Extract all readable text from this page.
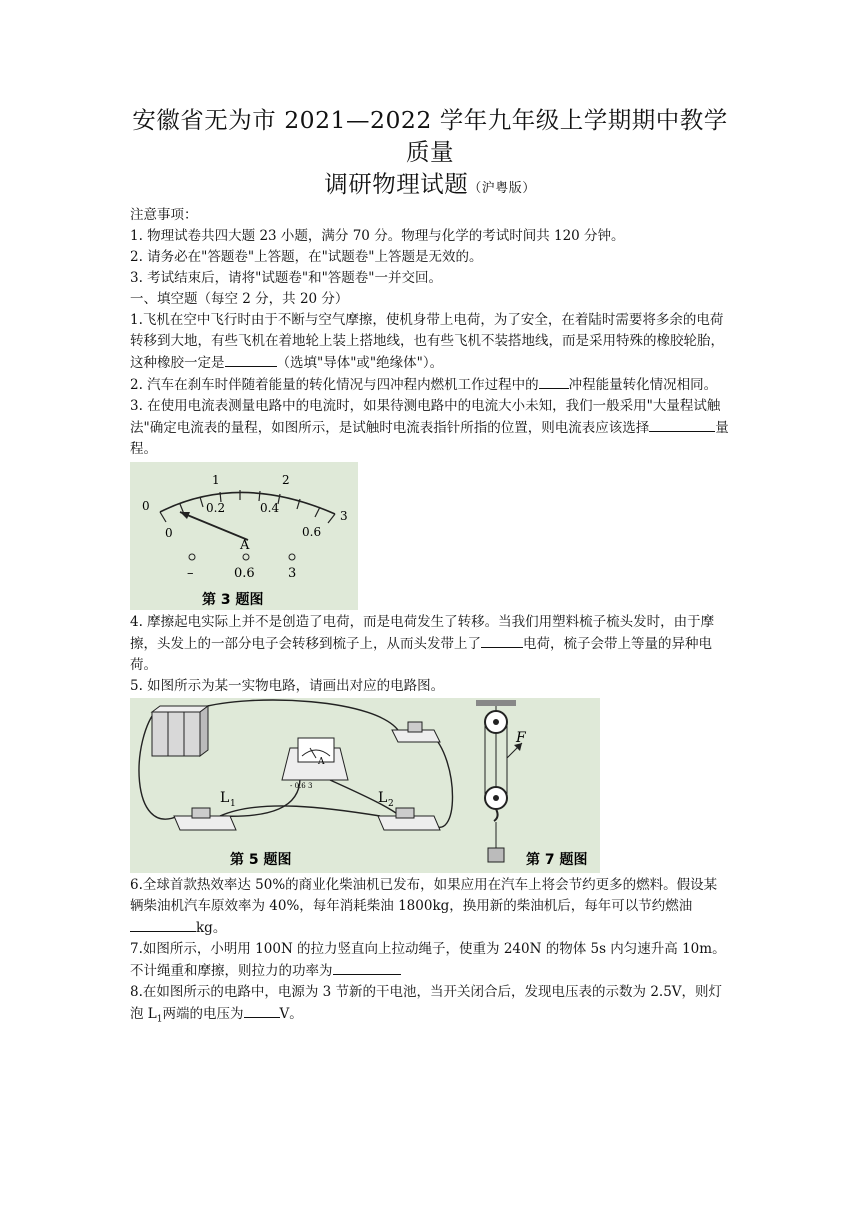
安徽省无为市 2021—2022 学年九年级上学期期中教学质量
调研物理试题（沪粤版）

注意事项：

1. 物理试卷共四大题 23 小题，满分 70 分。物理与化学的考试时间共 120 分钟。

2. 请务必在"答题卷"上答题，在"试题卷"上答题是无效的。

3. 考试结束后，请将"试题卷"和"答题卷"一并交回。

一、填空题（每空 2 分，共 20 分）

1.飞机在空中飞行时由于不断与空气摩擦，使机身带上电荷，为了安全，在着陆时需要将多余的电荷转移到大地，有些飞机在着地轮上装上搭地线，也有些飞机不装搭地线，而是采用特殊的橡胶轮胎，这种橡胶一定是	（选填"导体"或"绝缘体"）。

2. 汽车在刹车时伴随着能量的转化情况与四冲程内燃机工作过程中的 冲程能量转化情况相同。

3. 在使用电流表测量电路中的电流时，如果待测电路中的电流大小未知，我们一般采用"大量程试触法"确定电流表的量程，如图所示，是试触时电流表指针所指的位置，则电流表应该选择	量程。

0
1	2
3
0
0.2	0.4
0.6
A
–	0.6	3
第 3 题图

4. 摩擦起电实际上并不是创造了电荷，而是电荷发生了转移。当我们用塑料梳子梳头发时，由于摩擦，头发上的一部分电子会转移到梳子上，从而头发带上了	电荷，梳子会带上等量的异种电荷。

5. 如图所示为某一实物电路，请画出对应的电路图。

A
- 0.6 3
L 1	L 2
第 5 题图
F
第 7 题图

6.全球首款热效率达 50%的商业化柴油机已发布，如果应用在汽车上将会节约更多的燃料。假设某辆柴油机汽车原效率为 40%，每年消耗柴油 1800kg，换用新的柴油机后，每年可以节约燃油kg。

7.如图所示，小明用 100N 的拉力竖直向上拉动绳子，使重为 240N 的物体 5s 内匀速升高 10m。不计绳重和摩擦，则拉力的功率为

8.在如图所示的电路中，电源为 3 节新的干电池，当开关闭合后，发现电压表的示数为 2.5V，则灯泡 $L_1$两端的电压为	V。
